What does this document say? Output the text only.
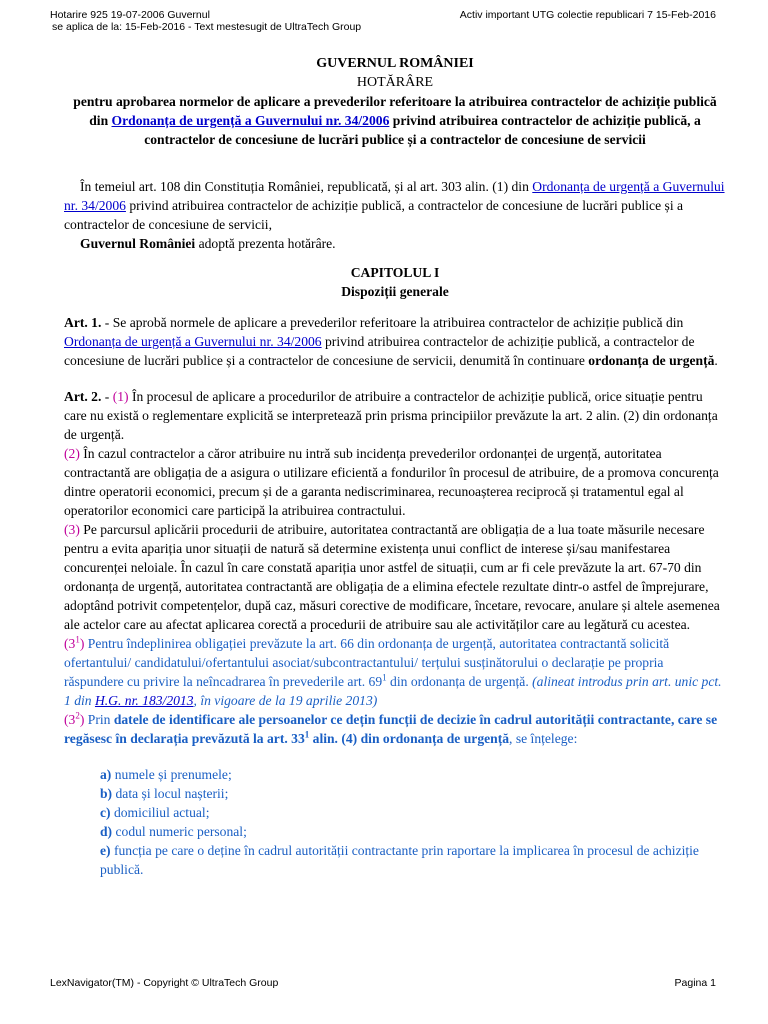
Hotarire 925 19-07-2006 Guvernul
se aplica de la: 15-Feb-2016 - Text mestesugit de UltraTech Group
Activ important UTG colectie republicari 7 15-Feb-2016

GUVERNUL ROMÂNIEI

HOTĂRÂRE

pentru aprobarea normelor de aplicare a prevederilor referitoare la atribuirea contractelor de achiziție publică din Ordonanța de urgență a Guvernului nr. 34/2006 privind atribuirea contractelor de achiziție publică, a contractelor de concesiune de lucrări publice și a contractelor de concesiune de servicii

În temeiul art. 108 din Constituția României, republicată, și al art. 303 alin. (1) din Ordonanța de urgență a Guvernului nr. 34/2006 privind atribuirea contractelor de achiziție publică, a contractelor de concesiune de lucrări publice și a contractelor de concesiune de servicii,

Guvernul României adoptă prezenta hotărâre.

CAPITOLUL I

Dispoziții generale

Art. 1. - Se aprobă normele de aplicare a prevederilor referitoare la atribuirea contractelor de achiziție publică din Ordonanța de urgență a Guvernului nr. 34/2006 privind atribuirea contractelor de achiziție publică, a contractelor de concesiune de lucrări publice și a contractelor de concesiune de servicii, denumită în continuare ordonanța de urgență.

Art. 2. - (1) În procesul de aplicare a procedurilor de atribuire a contractelor de achiziție publică, orice situație pentru care nu există o reglementare explicită se interpretează prin prisma principiilor prevăzute la art. 2 alin. (2) din ordonanța de urgență.

(2) În cazul contractelor a căror atribuire nu intră sub incidența prevederilor ordonanței de urgență, autoritatea contractantă are obligația de a asigura o utilizare eficientă a fondurilor în procesul de atribuire, de a promova concurența dintre operatorii economici, precum și de a garanta nediscriminarea, recunoașterea reciprocă și tratamentul egal al operatorilor economici care participă la atribuirea contractului.

(3) Pe parcursul aplicării procedurii de atribuire, autoritatea contractantă are obligația de a lua toate măsurile necesare pentru a evita apariția unor situații de natură să determine existența unui conflict de interese și/sau manifestarea concurenței neloiale. În cazul în care constată apariția unor astfel de situații, cum ar fi cele prevăzute la art. 67-70 din ordonanța de urgență, autoritatea contractantă are obligația de a elimina efectele rezultate dintr-o astfel de împrejurare, adoptând potrivit competențelor, după caz, măsuri corective de modificare, încetare, revocare, anulare și altele asemenea ale actelor care au afectat aplicarea corectă a procedurii de atribuire sau ale activităților care au legătură cu acestea.

$(3^1)$ Pentru îndeplinirea obligației prevăzute la art. 66 din ordonanța de urgență, autoritatea contractantă solicită ofertantului/ candidatului/ofertantului asociat/subcontractantului/ terțului susținătorului o declarație pe propria răspundere cu privire la neîncadrarea în prevederile art. $69^1$ din ordonanța de urgență. (alineat introdus prin art. unic pct. 1 din H.G. nr. 183/2013, în vigoare de la 19 aprilie 2013)

$(3^2)$ Prin datele de identificare ale persoanelor ce dețin funcții de decizie în cadrul autorității contractante, care se regăsesc în declarația prevăzută la art. $33^1$ alin. (4) din ordonanța de urgență, se înțelege:

a) numele și prenumele;

b) data și locul nașterii;

c) domiciliul actual;

d) codul numeric personal;

e) funcția pe care o deține în cadrul autorității contractante prin raportare la implicarea în procesul de achiziție publică.

LexNavigator(TM) - Copyright © UltraTech Group	Pagina 1
